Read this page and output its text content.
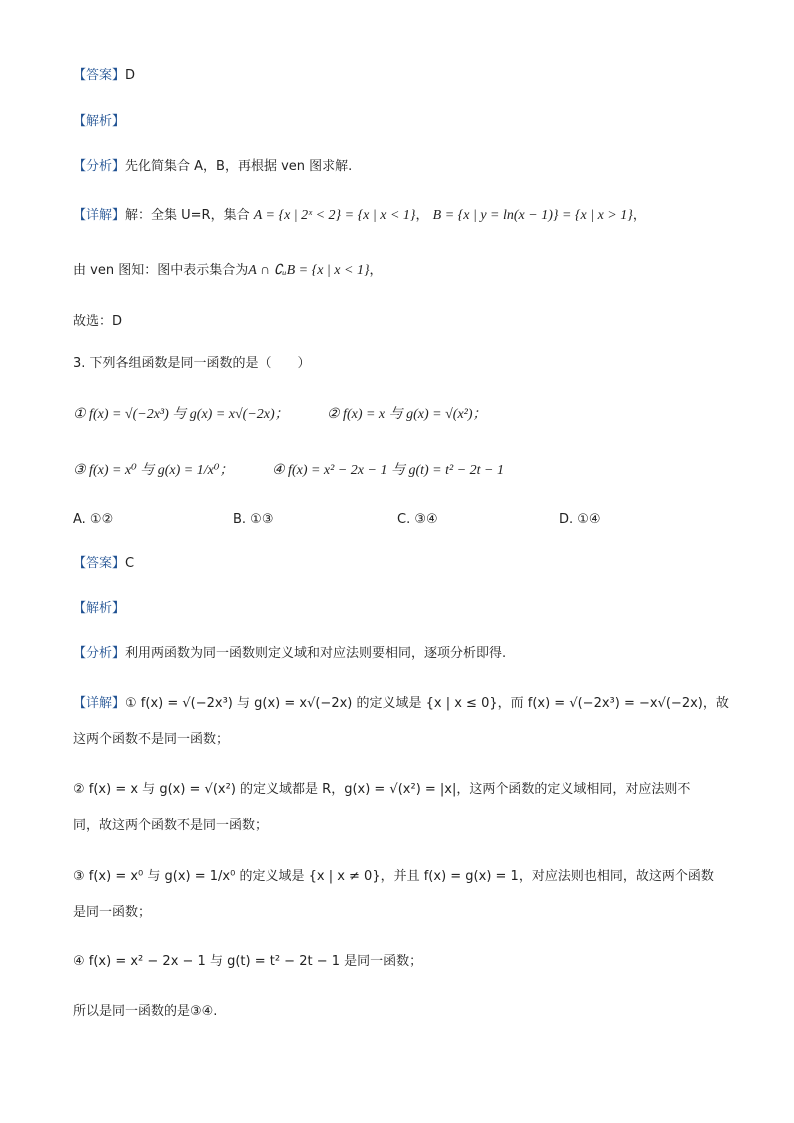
【答案】D
【解析】
【分析】先化简集合 A，B，再根据 ven 图求解.
【详解】解：全集 U=R，集合 A = {x | 2ˣ < 2} = {x | x < 1}， B = {x | y = ln(x − 1)} = {x | x > 1}，
由 ven 图知：图中表示集合为A ∩ ∁ᵤB = {x | x < 1}，
故选：D
3. 下列各组函数是同一函数的是（　　）
① f(x) = √(−2x³) 与 g(x) = x√(−2x)；	② f(x) = x 与 g(x) = √(x²)；
③ f(x) = x⁰ 与 g(x) = 1/x⁰；	④ f(x) = x² − 2x − 1 与 g(t) = t² − 2t − 1
A. ①②	B. ①③	C. ③④	D. ①④
【答案】C
【解析】
【分析】利用两函数为同一函数则定义域和对应法则要相同，逐项分析即得.
【详解】① f(x) = √(−2x³) 与 g(x) = x√(−2x) 的定义域是 {x | x ≤ 0}，而 f(x) = √(−2x³) = −x√(−2x)，故
这两个函数不是同一函数；
② f(x) = x 与 g(x) = √(x²) 的定义域都是 R，g(x) = √(x²) = |x|，这两个函数的定义域相同，对应法则不
同，故这两个函数不是同一函数；
③ f(x) = x⁰ 与 g(x) = 1/x⁰ 的定义域是 {x | x ≠ 0}，并且 f(x) = g(x) = 1，对应法则也相同，故这两个函数
是同一函数；
④ f(x) = x² − 2x − 1 与 g(t) = t² − 2t − 1 是同一函数；
所以是同一函数的是③④.
